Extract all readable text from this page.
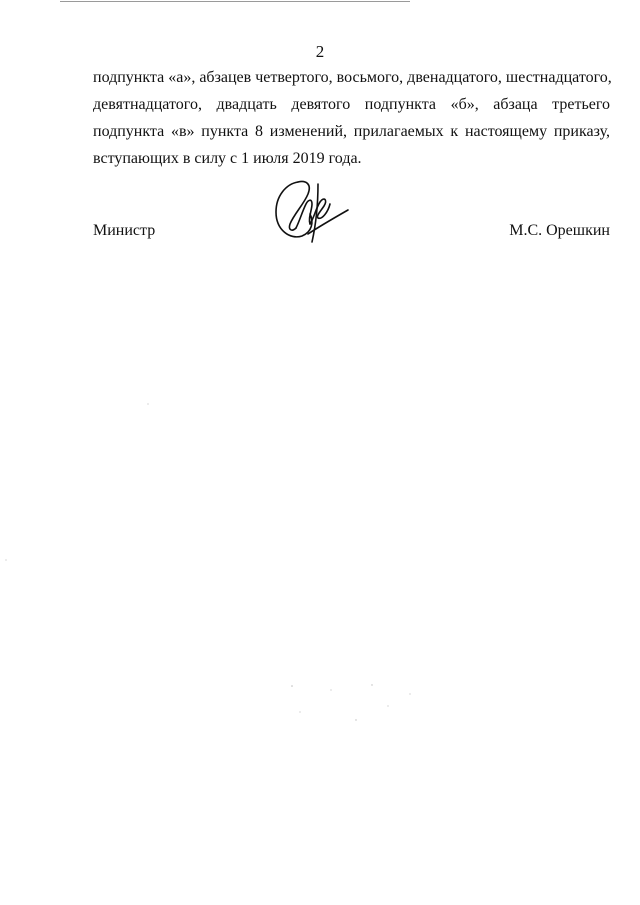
2
подпункта «а», абзацев четвертого, восьмого, двенадцатого, шестнадцатого,
девятнадцатого, двадцать девятого подпункта «б», абзаца третьего
подпункта «в» пункта 8 изменений, прилагаемых к настоящему приказу,
вступающих в силу с 1 июля 2019 года.
Министр	М.С. Орешкин
